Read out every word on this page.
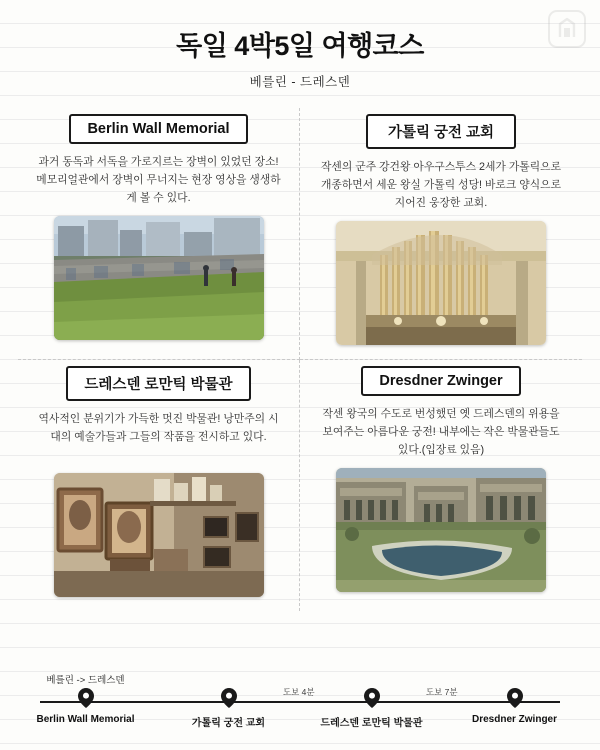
독일 4박5일 여행코스
베를린 - 드레스덴
Berlin Wall Memorial
과거 동독과 서독을 가로지르는 장벽이 있었던 장소! 메모리얼관에서 장벽이 무너지는 현장 영상을 생생하게 볼 수 있다.
가톨릭 궁전 교회
작센의 군주 강건왕 아우구스투스 2세가 가톨릭으로 개종하면서 세운 왕실 가톨릭 성당! 바로크 양식으로 지어진 웅장한 교회.
드레스덴 로만틱 박물관
역사적인 분위기가 가득한 멋진 박물관! 낭만주의 시대의 예술가들과 그들의 작품을 전시하고 있다.
Dresdner Zwinger
작센 왕국의 수도로 번성했던 옛 드레스덴의 위용을 보여주는 아름다운 궁전! 내부에는 작은 박물관들도 있다.(입장료 있음)
도보 4분	도보 7분
베를린 -> 드레스덴
Berlin Wall Memorial	가톨릭 궁전 교회	드레스덴 로만틱 박물관	Dresdner Zwinger
